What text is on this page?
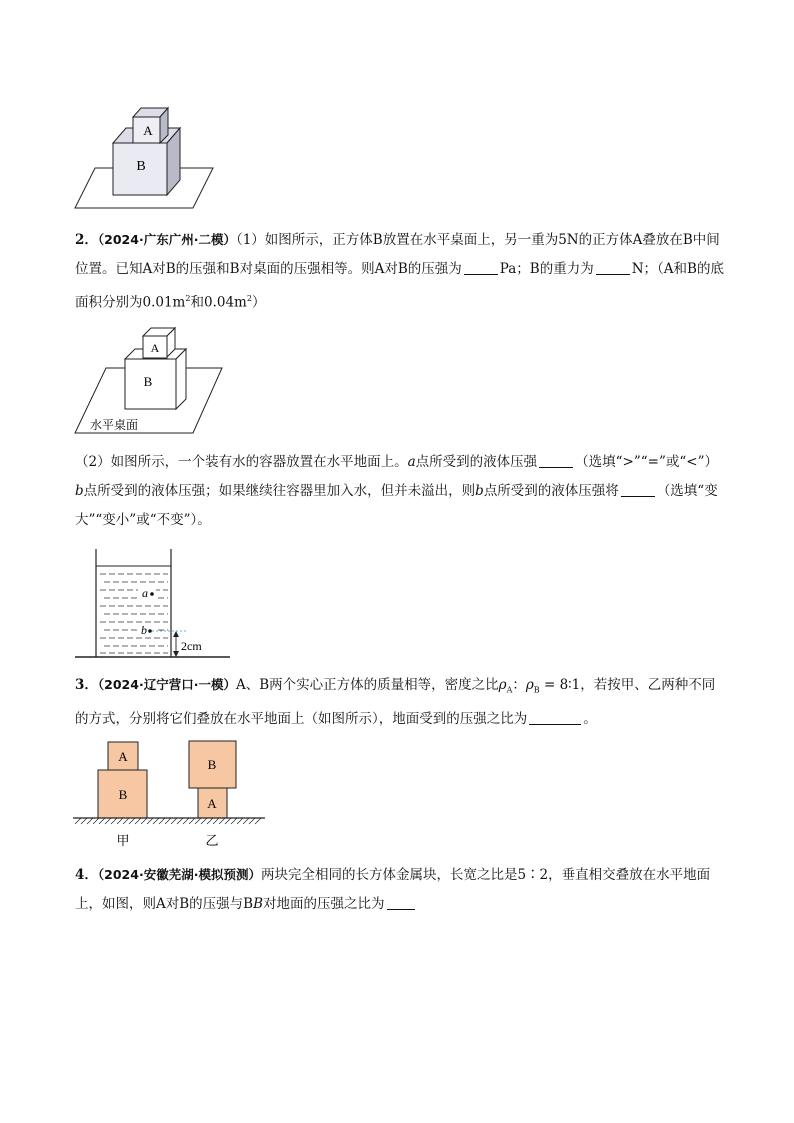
B
A
B
A
水平桌面
a
b
2cm
A
B
B
A
甲	乙

2．（2024·广东广州·二模）（1）如图所示，正方体B放置在水平桌面上，另一重为5N的正方体A叠放在B中间位置。已知A对B的压强和B对桌面的压强相等。则A对B的压强为	Pa；B的重力为	N；（A和B的底面积分别为$0.01m^2$和$0.04m^2$）

（2）如图所示，一个装有水的容器放置在水平地面上。a点所受到的液体压强	（选填“>”“=”或“<”）b点所受到的液体压强；如果继续往容器里加入水，但并未溢出，则b点所受到的液体压强将	（选填“变大”“变小”或“不变”）。

3．（2024·辽宁营口·一模）A、B两个实心正方体的质量相等，密度之比$\rho_A$：$\rho_B$ = 8∶1，若按甲、乙两种不同的方式，分别将它们叠放在水平地面上（如图所示），地面受到的压强之比为	。

4．（2024·安徽芜湖·模拟预测）两块完全相同的长方体金属块，长宽之比是5∶2，垂直相交叠放在水平地面上，如图，则A对B的压强与BB对地面的压强之比为
